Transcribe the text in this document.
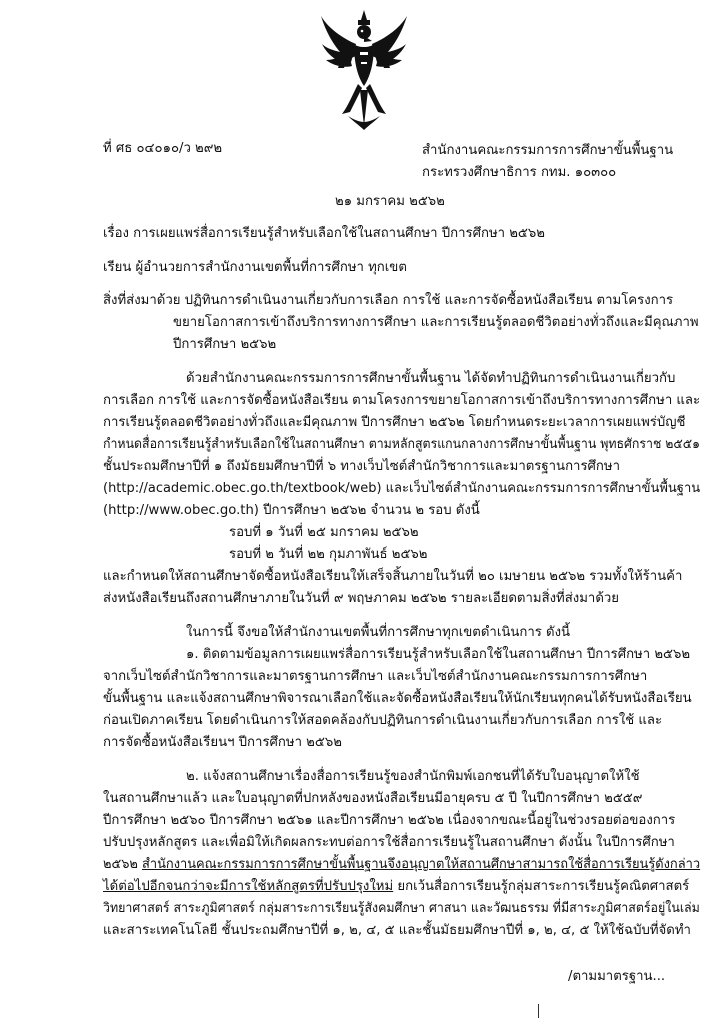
ที่ ศธ ๐๔๐๑๐/ว ๒๙๒	สำนักงานคณะกรรมการการศึกษาขั้นพื้นฐาน
กระทรวงศึกษาธิการ กทม. ๑๐๓๐๐
๒๑ มกราคม ๒๕๖๒
เรื่อง การเผยแพร่สื่อการเรียนรู้สำหรับเลือกใช้ในสถานศึกษา ปีการศึกษา ๒๕๖๒
เรียน ผู้อำนวยการสำนักงานเขตพื้นที่การศึกษา ทุกเขต
สิ่งที่ส่งมาด้วย ปฏิทินการดำเนินงานเกี่ยวกับการเลือก การใช้ และการจัดซื้อหนังสือเรียน ตามโครงการ
ขยายโอกาสการเข้าถึงบริการทางการศึกษา และการเรียนรู้ตลอดชีวิตอย่างทั่วถึงและมีคุณภาพ
ปีการศึกษา ๒๕๖๒
ด้วยสำนักงานคณะกรรมการการศึกษาขั้นพื้นฐาน ได้จัดทำปฏิทินการดำเนินงานเกี่ยวกับ
การเลือก การใช้ และการจัดซื้อหนังสือเรียน ตามโครงการขยายโอกาสการเข้าถึงบริการทางการศึกษา และ
การเรียนรู้ตลอดชีวิตอย่างทั่วถึงและมีคุณภาพ ปีการศึกษา ๒๕๖๒ โดยกำหนดระยะเวลาการเผยแพร่บัญชี
กำหนดสื่อการเรียนรู้สำหรับเลือกใช้ในสถานศึกษา ตามหลักสูตรแกนกลางการศึกษาขั้นพื้นฐาน พุทธศักราช ๒๕๕๑
ชั้นประถมศึกษาปีที่ ๑ ถึงมัธยมศึกษาปีที่ ๖ ทางเว็บไซต์สำนักวิชาการและมาตรฐานการศึกษา
(http://academic.obec.go.th/textbook/web) และเว็บไซต์สำนักงานคณะกรรมการการศึกษาขั้นพื้นฐาน
(http://www.obec.go.th) ปีการศึกษา ๒๕๖๒ จำนวน ๒ รอบ ดังนี้
รอบที่ ๑ วันที่ ๒๕ มกราคม ๒๕๖๒
รอบที่ ๒ วันที่ ๒๒ กุมภาพันธ์ ๒๕๖๒
และกำหนดให้สถานศึกษาจัดซื้อหนังสือเรียนให้เสร็จสิ้นภายในวันที่ ๒๐ เมษายน ๒๕๖๒ รวมทั้งให้ร้านค้า
ส่งหนังสือเรียนถึงสถานศึกษาภายในวันที่ ๙ พฤษภาคม ๒๕๖๒ รายละเอียดตามสิ่งที่ส่งมาด้วย
ในการนี้ จึงขอให้สำนักงานเขตพื้นที่การศึกษาทุกเขตดำเนินการ ดังนี้
๑. ติดตามข้อมูลการเผยแพร่สื่อการเรียนรู้สำหรับเลือกใช้ในสถานศึกษา ปีการศึกษา ๒๕๖๒
จากเว็บไซต์สำนักวิชาการและมาตรฐานการศึกษา และเว็บไซต์สำนักงานคณะกรรมการการศึกษา
ขั้นพื้นฐาน และแจ้งสถานศึกษาพิจารณาเลือกใช้และจัดซื้อหนังสือเรียนให้นักเรียนทุกคนได้รับหนังสือเรียน
ก่อนเปิดภาคเรียน โดยดำเนินการให้สอดคล้องกับปฏิทินการดำเนินงานเกี่ยวกับการเลือก การใช้ และ
การจัดซื้อหนังสือเรียนฯ ปีการศึกษา ๒๕๖๒
๒. แจ้งสถานศึกษาเรื่องสื่อการเรียนรู้ของสำนักพิมพ์เอกชนที่ได้รับใบอนุญาตให้ใช้
ในสถานศึกษาแล้ว และใบอนุญาตที่ปกหลังของหนังสือเรียนมีอายุครบ ๕ ปี ในปีการศึกษา ๒๕๕๙
ปีการศึกษา ๒๕๖๐ ปีการศึกษา ๒๕๖๑ และปีการศึกษา ๒๕๖๒ เนื่องจากขณะนี้อยู่ในช่วงรอยต่อของการ
ปรับปรุงหลักสูตร และเพื่อมิให้เกิดผลกระทบต่อการใช้สื่อการเรียนรู้ในสถานศึกษา ดังนั้น ในปีการศึกษา
๒๕๖๒ สำนักงานคณะกรรมการการศึกษาขั้นพื้นฐานจึงอนุญาตให้สถานศึกษาสามารถใช้สื่อการเรียนรู้ดังกล่าว
ได้ต่อไปอีกจนกว่าจะมีการใช้หลักสูตรที่ปรับปรุงใหม่ ยกเว้นสื่อการเรียนรู้กลุ่มสาระการเรียนรู้คณิตศาสตร์
วิทยาศาสตร์ สาระภูมิศาสตร์ กลุ่มสาระการเรียนรู้สังคมศึกษา ศาสนา และวัฒนธรรม ที่มีสาระภูมิศาสตร์อยู่ในเล่ม
และสาระเทคโนโลยี ชั้นประถมศึกษาปีที่ ๑, ๒, ๔, ๕ และชั้นมัธยมศึกษาปีที่ ๑, ๒, ๔, ๕ ให้ใช้ฉบับที่จัดทำ
/ตามมาตรฐาน...
